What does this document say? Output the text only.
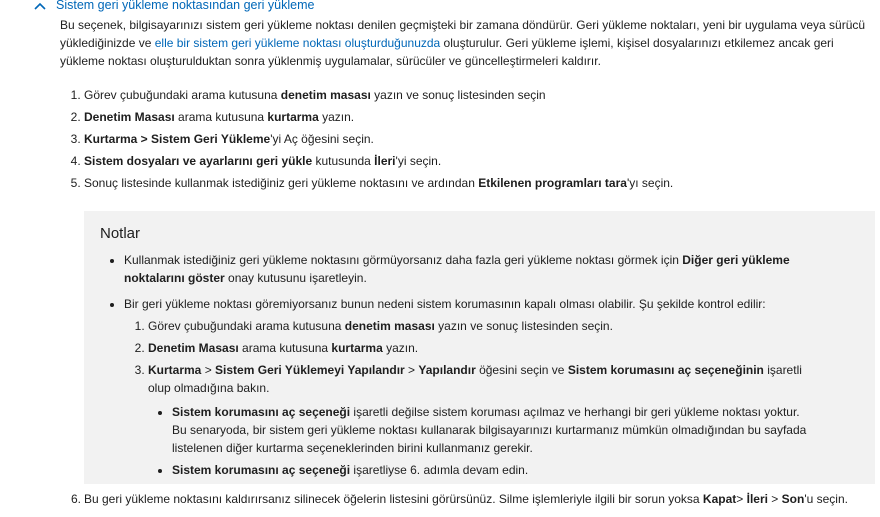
Sistem geri yükleme noktasından geri yükleme
Bu seçenek, bilgisayarınızı sistem geri yükleme noktası denilen geçmişteki bir zamana döndürür. Geri yükleme noktaları, yeni bir uygulama veya sürücü yüklediğinizde ve elle bir sistem geri yükleme noktası oluşturduğunuzda oluşturulur. Geri yükleme işlemi, kişisel dosyalarınızı etkilemez ancak geri yükleme noktası oluşturulduktan sonra yüklenmiş uygulamalar, sürücüler ve güncelleştirmeleri kaldırır.
1. Görev çubuğundaki arama kutusuna denetim masası yazın ve sonuç listesinden seçin
2. Denetim Masası arama kutusuna kurtarma yazın.
3. Kurtarma > Sistem Geri Yükleme'yi Aç öğesini seçin.
4. Sistem dosyaları ve ayarlarını geri yükle kutusunda İleri'yi seçin.
5. Sonuç listesinde kullanmak istediğiniz geri yükleme noktasını ve ardından Etkilenen programları tara'yı seçin.
Notlar
• Kullanmak istediğiniz geri yükleme noktasını görmüyorsanız daha fazla geri yükleme noktası görmek için Diğer geri yükleme noktalarını göster onay kutusunu işaretleyin.
• Bir geri yükleme noktası göremiyorsanız bunun nedeni sistem korumasının kapalı olması olabilir. Şu şekilde kontrol edilir:
1. Görev çubuğundaki arama kutusuna denetim masası yazın ve sonuç listesinden seçin.
2. Denetim Masası arama kutusuna kurtarma yazın.
3. Kurtarma > Sistem Geri Yüklemeyi Yapılandır > Yapılandır öğesini seçin ve Sistem korumasını aç seçeneğinin işaretli olup olmadığına bakın.
• Sistem korumasını aç seçeneği işaretli değilse sistem koruması açılmaz ve herhangi bir geri yükleme noktası yoktur. Bu senaryoda, bir sistem geri yükleme noktası kullanarak bilgisayarınızı kurtarmanız mümkün olmadığından bu sayfada listelenen diğer kurtarma seçeneklerinden birini kullanmanız gerekir.
• Sistem korumasını aç seçeneği işaretliyse 6. adımla devam edin.
6. Bu geri yükleme noktasını kaldırırsanız silinecek öğelerin listesini görürsünüz. Silme işlemleriyle ilgili bir sorun yoksa Kapat> İleri > Son'u seçin.
